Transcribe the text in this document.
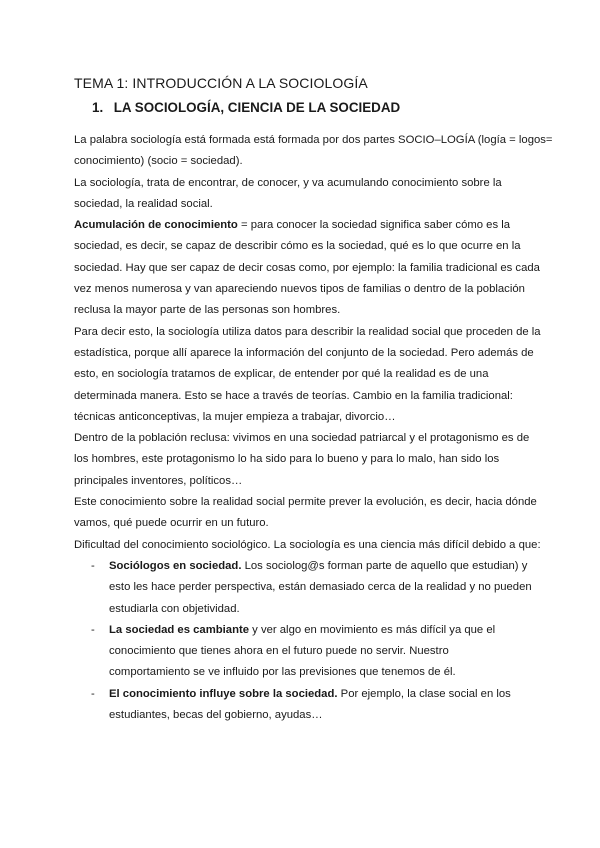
TEMA 1: INTRODUCCIÓN A LA SOCIOLOGÍA
1. LA SOCIOLOGÍA, CIENCIA DE LA SOCIEDAD

La palabra sociología está formada está formada por dos partes SOCIO–LOGÍA (logía = logos=
conocimiento) (socio = sociedad).

La sociología, trata de encontrar, de conocer, y va acumulando conocimiento sobre la
sociedad, la realidad social.

Acumulación de conocimiento = para conocer la sociedad significa saber cómo es la
sociedad, es decir, se capaz de describir cómo es la sociedad, qué es lo que ocurre en la
sociedad. Hay que ser capaz de decir cosas como, por ejemplo: la familia tradicional es cada
vez menos numerosa y van apareciendo nuevos tipos de familias o dentro de la población
reclusa la mayor parte de las personas son hombres.

Para decir esto, la sociología utiliza datos para describir la realidad social que proceden de la
estadística, porque allí aparece la información del conjunto de la sociedad. Pero además de
esto, en sociología tratamos de explicar, de entender por qué la realidad es de una
determinada manera. Esto se hace a través de teorías. Cambio en la familia tradicional:
técnicas anticonceptivas, la mujer empieza a trabajar, divorcio…

Dentro de la población reclusa: vivimos en una sociedad patriarcal y el protagonismo es de
los hombres, este protagonismo lo ha sido para lo bueno y para lo malo, han sido los
principales inventores, políticos…

Este conocimiento sobre la realidad social permite prever la evolución, es decir, hacia dónde
vamos, qué puede ocurrir en un futuro.

Dificultad del conocimiento sociológico. La sociología es una ciencia más difícil debido a que:

- Sociólogos en sociedad. Los sociolog@s forman parte de aquello que estudian) y
esto les hace perder perspectiva, están demasiado cerca de la realidad y no pueden
estudiarla con objetividad.
- La sociedad es cambiante y ver algo en movimiento es más difícil ya que el
conocimiento que tienes ahora en el futuro puede no servir. Nuestro
comportamiento se ve influido por las previsiones que tenemos de él.
- El conocimiento influye sobre la sociedad. Por ejemplo, la clase social en los
estudiantes, becas del gobierno, ayudas…
